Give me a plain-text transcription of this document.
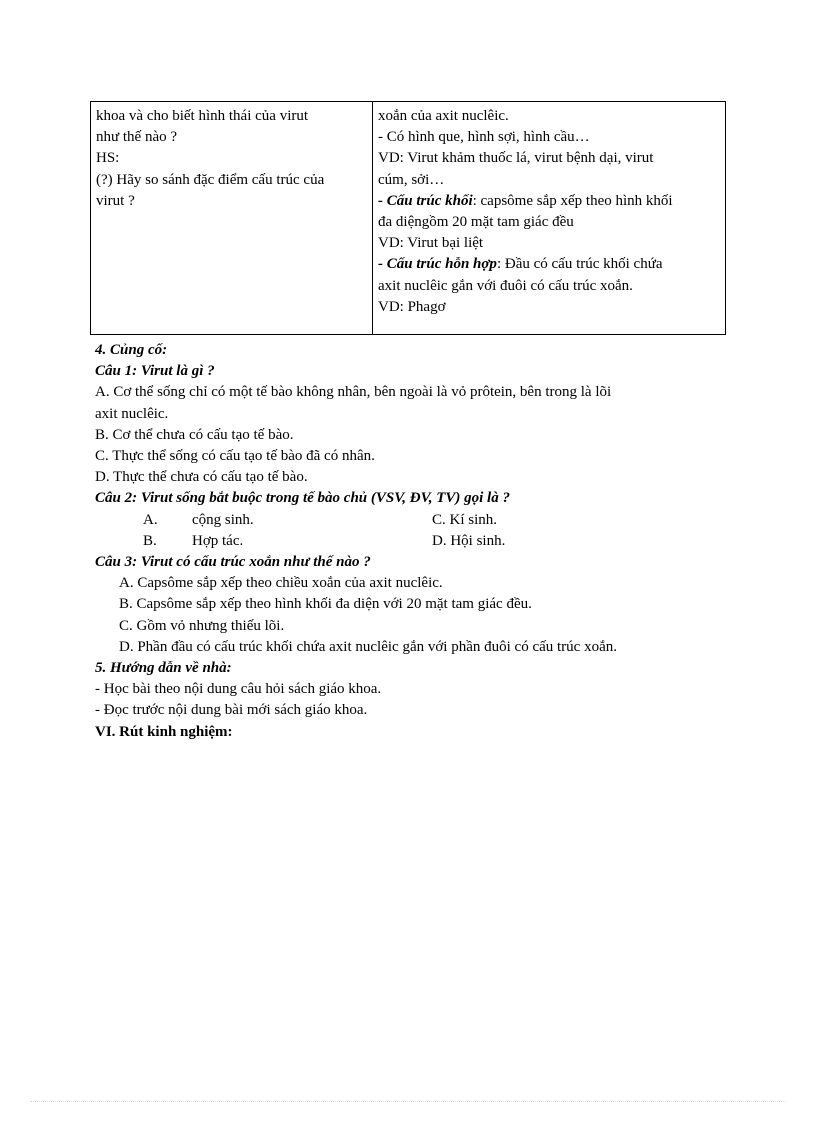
khoa và cho biết hình thái của virut
như thế nào ?
HS:
(?) Hãy so sánh đặc điểm cấu trúc của
virut ?
xoắn của axit nuclêic.
- Có hình que, hình sợi, hình cầu…
VD: Virut khảm thuốc lá, virut bệnh dại, virut
cúm, sởi…
- Cấu trúc khối: capsôme sắp xếp theo hình khối
đa diệngồm 20 mặt tam giác đều
VD: Virut bại liệt
- Cấu trúc hỗn hợp: Đầu có cấu trúc khối chứa
axit nuclêic gắn với đuôi có cấu trúc xoắn.
VD: Phagơ
4. Củng cố:
Câu 1: Virut là gì ?
A. Cơ thể sống chỉ có một tế bào không nhân, bên ngoài là vỏ prôtein, bên trong là lõi
axit nuclêic.
B. Cơ thể chưa có cấu tạo tế bào.
C. Thực thể sống có cấu tạo tế bào đã có nhân.
D. Thực thể chưa có cấu tạo tế bào.
Câu 2: Virut sống bắt buộc trong tế bào chủ (VSV, ĐV, TV) gọi là ?
A. cộng sinh.	C. Kí sinh.
B. Hợp tác.	D. Hội sinh.
Câu 3: Virut có cấu trúc xoắn như thế nào ?
A. Capsôme sắp xếp theo chiều xoắn của axit nuclêic.
B. Capsôme sắp xếp theo hình khối đa diện với 20 mặt tam giác đều.
C. Gồm vỏ nhưng thiếu lõi.
D. Phần đầu có cấu trúc khối chứa axit nuclêic gắn với phần đuôi có cấu trúc xoắn.
5. Hướng dẫn về nhà:
- Học bài theo nội dung câu hỏi sách giáo khoa.
- Đọc trước nội dung bài mới sách giáo khoa.
VI. Rút kinh nghiệm:
